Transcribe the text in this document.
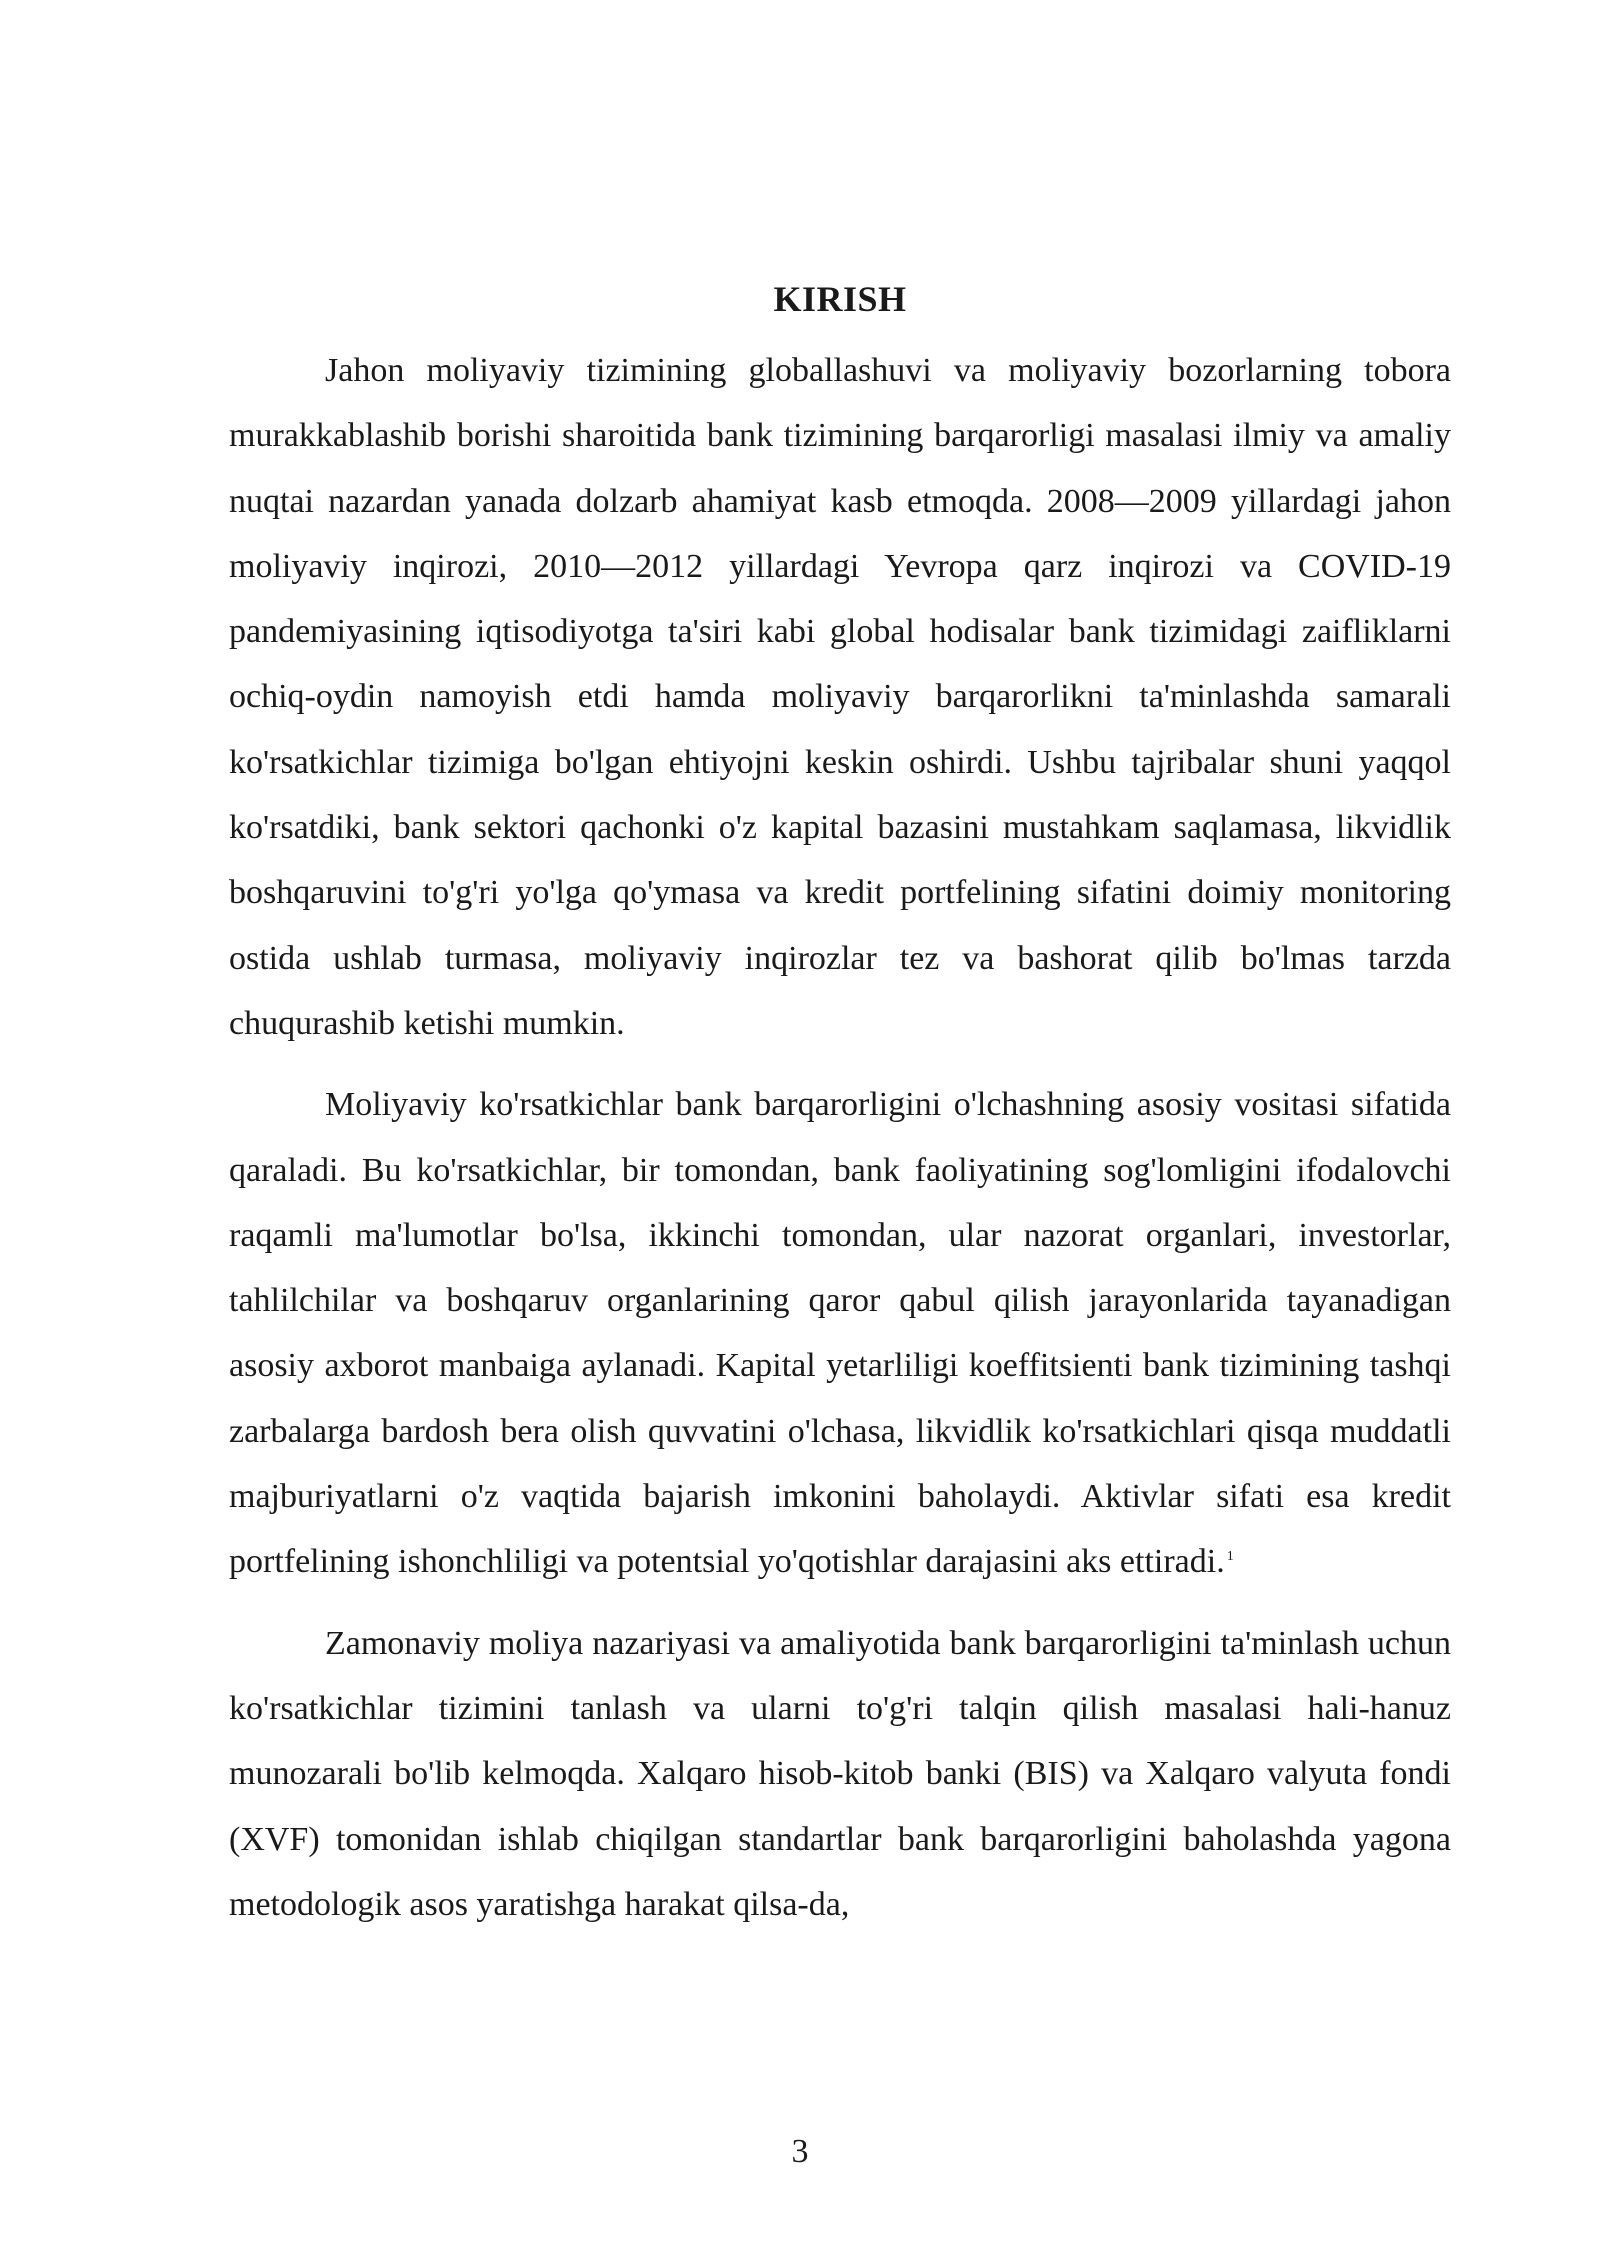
KIRISH

Jahon moliyaviy tizimining globallashuvi va moliyaviy bozorlarning tobora murakkablashib borishi sharoitida bank tizimining barqarorligi masalasi ilmiy va amaliy nuqtai nazardan yanada dolzarb ahamiyat kasb etmoqda. 2008—2009 yillardagi jahon moliyaviy inqirozi, 2010—2012 yillardagi Yevropa qarz inqirozi va COVID-19 pandemiyasining iqtisodiyotga ta'siri kabi global hodisalar bank tizimidagi zaifliklarni ochiq-oydin namoyish etdi hamda moliyaviy barqarorlikni ta'minlashda samarali ko'rsatkichlar tizimiga bo'lgan ehtiyojni keskin oshirdi. Ushbu tajribalar shuni yaqqol ko'rsatdiki, bank sektori qachonki o'z kapital bazasini mustahkam saqlamasa, likvidlik boshqaruvini to'g'ri yo'lga qo'ymasa va kredit portfelining sifatini doimiy monitoring ostida ushlab turmasa, moliyaviy inqirozlar tez va bashorat qilib bo'lmas tarzda chuqurashib ketishi mumkin.

Moliyaviy ko'rsatkichlar bank barqarorligini o'lchashning asosiy vositasi sifatida qaraladi. Bu ko'rsatkichlar, bir tomondan, bank faoliyatining sog'lomligini ifodalovchi raqamli ma'lumotlar bo'lsa, ikkinchi tomondan, ular nazorat organlari, investorlar, tahlilchilar va boshqaruv organlarining qaror qabul qilish jarayonlarida tayanadigan asosiy axborot manbaiga aylanadi. Kapital yetarliligi koeffitsienti bank tizimining tashqi zarbalarga bardosh bera olish quvvatini o'lchasa, likvidlik ko'rsatkichlari qisqa muddatli majburiyatlarni o'z vaqtida bajarish imkonini baholaydi. Aktivlar sifati esa kredit portfelining ishonchliligi va potentsial yo'qotishlar darajasini aks ettiradi. $^1$

Zamonaviy moliya nazariyasi va amaliyotida bank barqarorligini ta'minlash uchun ko'rsatkichlar tizimini tanlash va ularni to'g'ri talqin qilish masalasi hali-hanuz munozarali bo'lib kelmoqda. Xalqaro hisob-kitob banki (BIS) va Xalqaro valyuta fondi (XVF) tomonidan ishlab chiqilgan standartlar bank barqarorligini baholashda yagona metodologik asos yaratishga harakat qilsa-da,

3
